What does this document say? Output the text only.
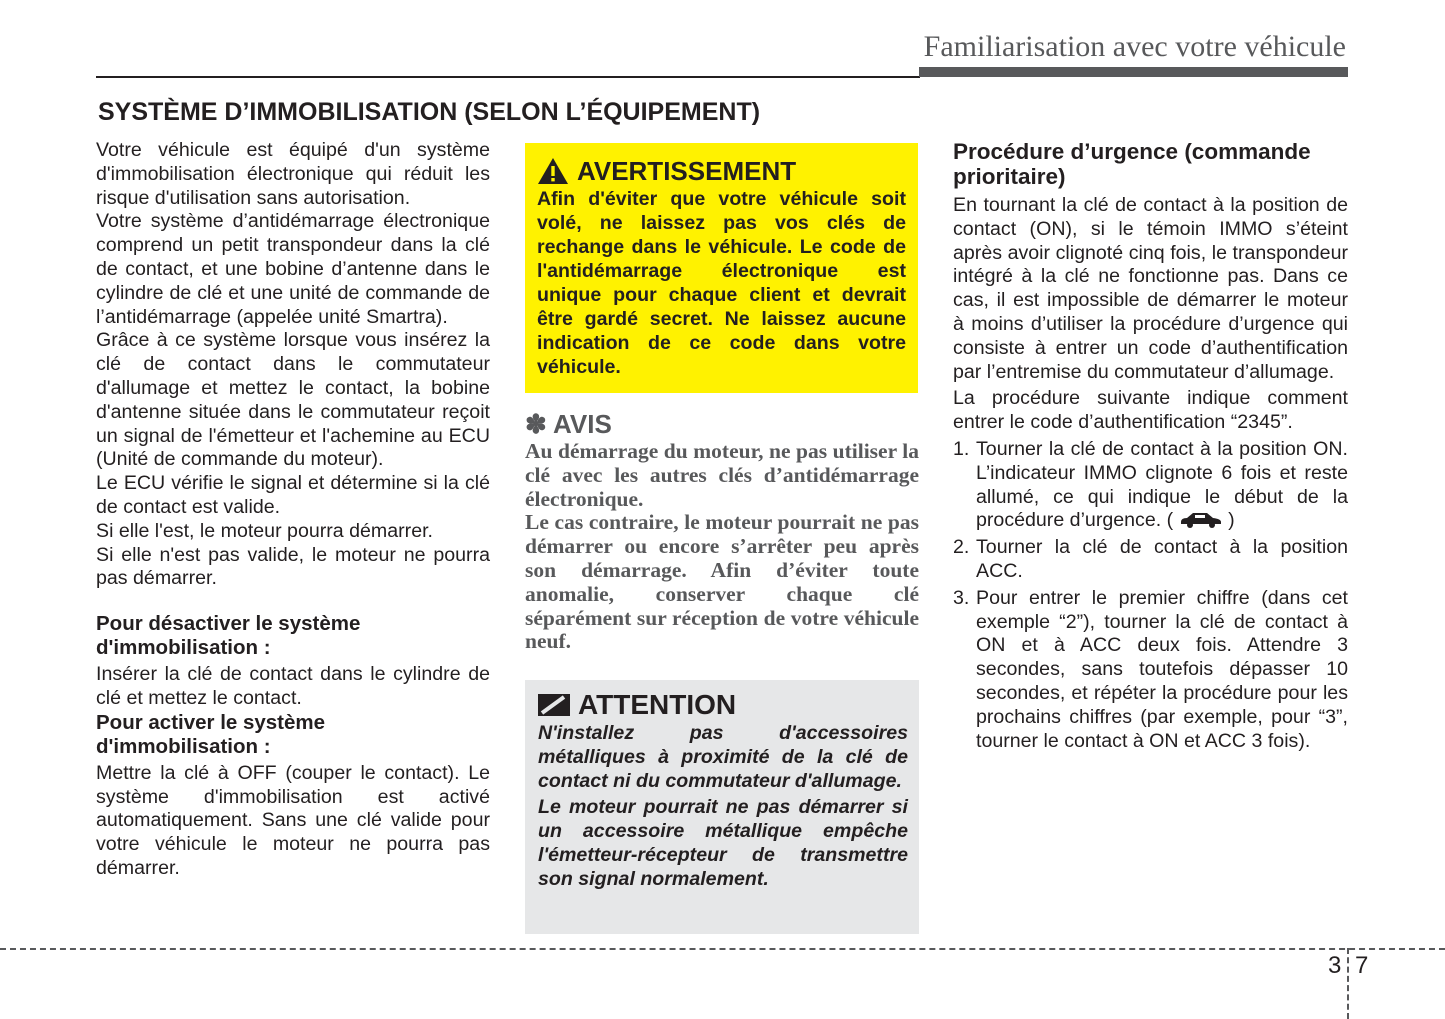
Familiarisation avec votre véhicule
SYSTÈME D’IMMOBILISATION (SELON L’ÉQUIPEMENT)

Votre véhicule est équipé d'un système d'immobilisation électronique qui réduit les risque d'utilisation sans autorisation.

Votre système d’antidémarrage électronique comprend un petit transpondeur dans la clé de contact, et une bobine d’antenne dans le cylindre de clé et une unité de commande de l’antidémarrage (appelée unité Smartra).

Grâce à ce système lorsque vous insérez la clé de contact dans le commutateur d'allumage et mettez le contact, la bobine d'antenne située dans le commutateur reçoit un signal de l'émetteur et l'achemine au ECU (Unité de commande du moteur).

Le ECU vérifie le signal et détermine si la clé de contact est valide.

Si elle l'est, le moteur pourra démarrer.

Si elle n'est pas valide, le moteur ne pourra pas démarrer.

Pour désactiver le système d'immobilisation :

Insérer la clé de contact dans le cylindre de clé et mettez le contact.

Pour activer le système d'immobilisation :

Mettre la clé à OFF (couper le contact). Le système d'immobilisation est activé automatiquement. Sans une clé valide pour votre véhicule le moteur ne pourra pas démarrer.

AVERTISSEMENT
Afin d'éviter que votre véhicule soit volé, ne laissez pas vos clés de rechange dans le véhicule. Le code de l'antidémarrage électronique est unique pour chaque client et devrait être gardé secret. Ne laissez aucune indication de ce code dans votre véhicule.
✽ AVIS

Au démarrage du moteur, ne pas utiliser la clé avec les autres clés d’antidémarrage électronique.

Le cas contraire, le moteur pourrait ne pas démarrer ou encore s’arrêter peu après son démarrage. Afin d’éviter toute anomalie, conserver chaque clé séparément sur réception de votre véhicule neuf.

ATTENTION

N'installez pas d'accessoires métalliques à proximité de la clé de contact ni du commutateur d'allumage.

Le moteur pourrait ne pas démarrer si un accessoire métallique empêche l'émetteur-récepteur de transmettre son signal normalement.

Procédure d’urgence (commande prioritaire)

En tournant la clé de contact à la position de contact (ON), si le témoin IMMO s’éteint après avoir clignoté cinq fois, le transpondeur intégré à la clé ne fonctionne pas. Dans ce cas, il est impossible de démarrer le moteur à moins d’utiliser la procédure d’urgence qui consiste à entrer un code d’authentification par l’entremise du commutateur d’allumage.

La procédure suivante indique comment entrer le code d’authentification “2345”.

1. Tourner la clé de contact à la position ON. L’indicateur IMMO clignote 6 fois et reste allumé, ce qui indique le début de la procédure d’urgence. (	)
2. Tourner la clé de contact à la position ACC.
3. Pour entrer le premier chiffre (dans cet exemple “2”), tourner la clé de contact à ON et à ACC deux fois. Attendre 3 secondes, sans toutefois dépasser 10 secondes, et répéter la procédure pour les prochains chiffres (par exemple, pour “3”, tourner le contact à ON et ACC 3 fois).
3 7
